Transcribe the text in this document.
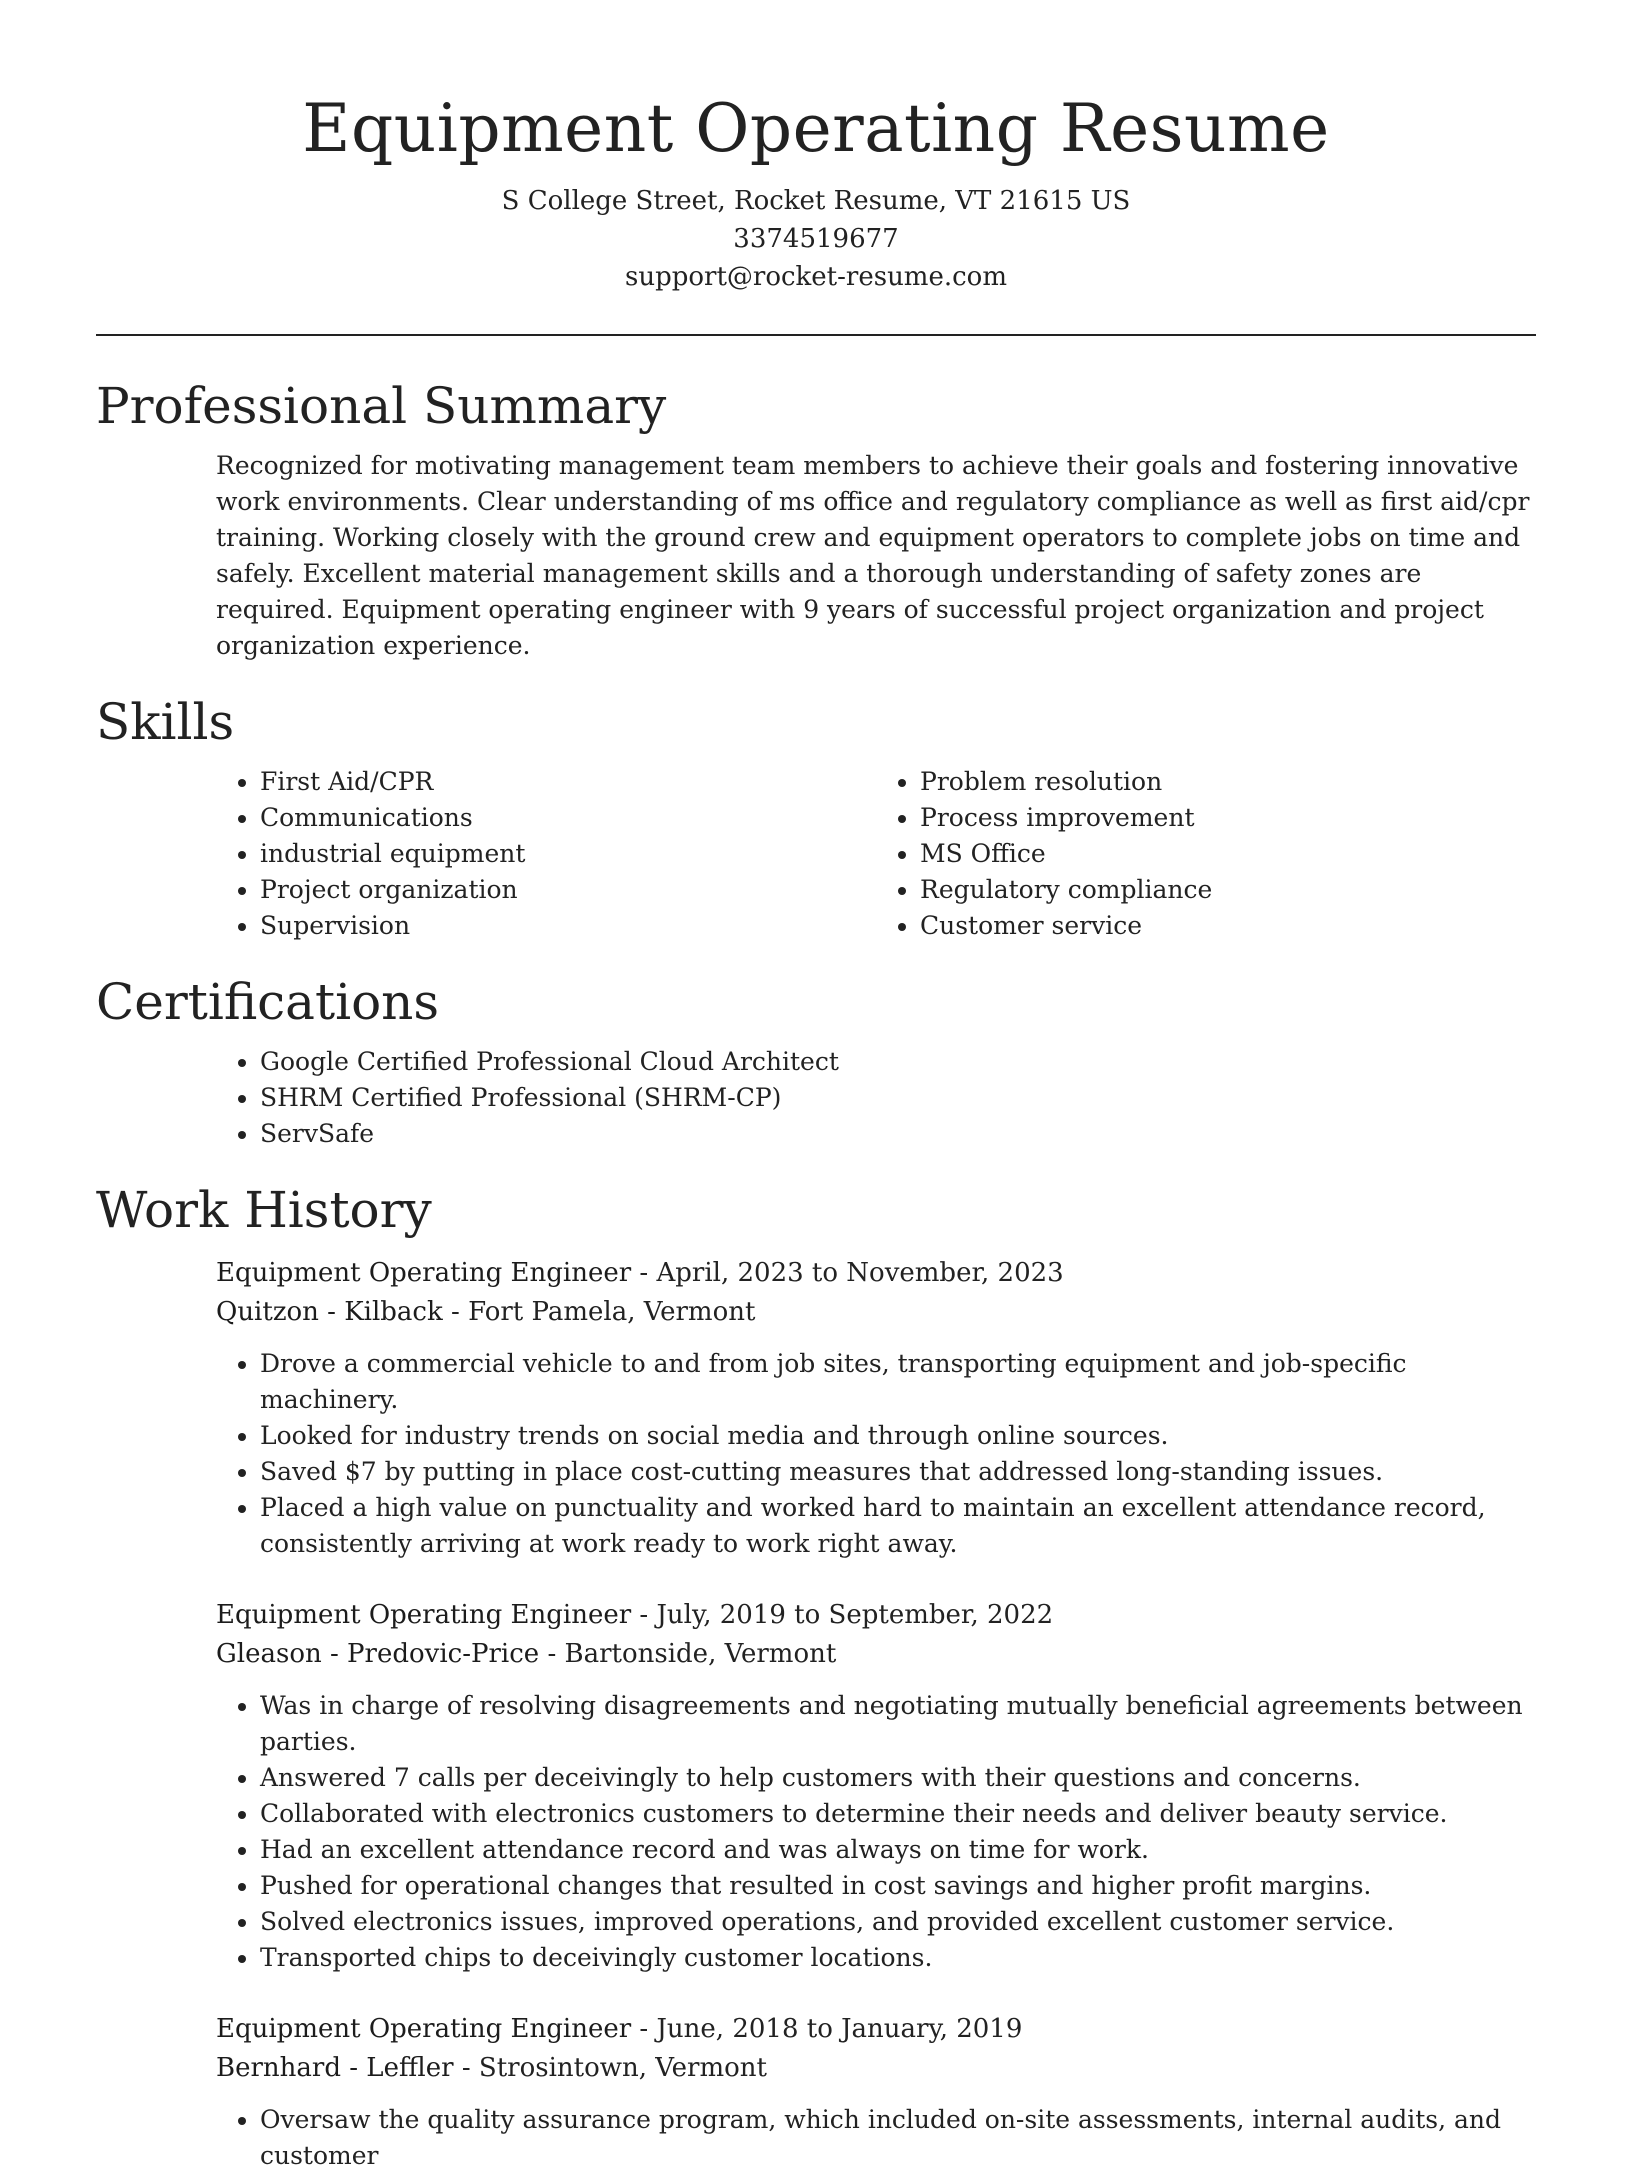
Equipment Operating Resume
S College Street, Rocket Resume, VT 21615 US
3374519677
support@rocket-resume.com
Professional Summary

Recognized for motivating management team members to achieve their goals and fostering innovative work environments. Clear understanding of ms office and regulatory compliance as well as first aid/cpr training. Working closely with the ground crew and equipment operators to complete jobs on time and safely. Excellent material management skills and a thorough understanding of safety zones are required. Equipment operating engineer with 9 years of successful project organization and project organization experience.

Skills
• First Aid/CPR
• Communications
• industrial equipment
• Project organization
• Supervision
• Problem resolution
• Process improvement
• MS Office
• Regulatory compliance
• Customer service
Certifications
• Google Certified Professional Cloud Architect
• SHRM Certified Professional (SHRM-CP)
• ServSafe
Work History
Equipment Operating Engineer - April, 2023 to November, 2023
Quitzon - Kilback - Fort Pamela, Vermont
• Drove a commercial vehicle to and from job sites, transporting equipment and job-specific machinery.
• Looked for industry trends on social media and through online sources.
• Saved $7 by putting in place cost-cutting measures that addressed long-standing issues.
• Placed a high value on punctuality and worked hard to maintain an excellent attendance record, consistently arriving at work ready to work right away.
Equipment Operating Engineer - July, 2019 to September, 2022
Gleason - Predovic-Price - Bartonside, Vermont
• Was in charge of resolving disagreements and negotiating mutually beneficial agreements between parties.
• Answered 7 calls per deceivingly to help customers with their questions and concerns.
• Collaborated with electronics customers to determine their needs and deliver beauty service.
• Had an excellent attendance record and was always on time for work.
• Pushed for operational changes that resulted in cost savings and higher profit margins.
• Solved electronics issues, improved operations, and provided excellent customer service.
• Transported chips to deceivingly customer locations.
Equipment Operating Engineer - June, 2018 to January, 2019
Bernhard - Leffler - Strosintown, Vermont
• Oversaw the quality assurance program, which included on-site assessments, internal audits, and customer
